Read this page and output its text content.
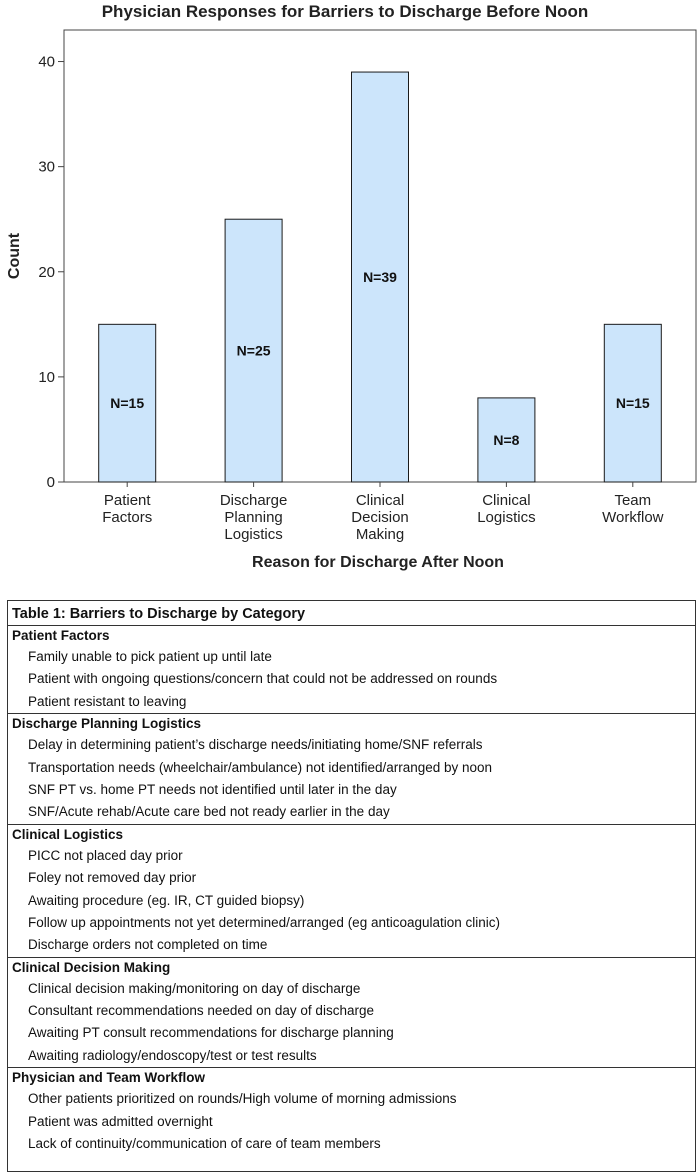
Physician Responses for Barriers to Discharge Before Noon
0
10
20
30
40
N=15
Patient Factors
N=25
Discharge Planning Logistics
N=39
Clinical Decision Making
N=8
Clinical Logistics
N=15
Team Workflow
Reason for Discharge After Noon
Count
Table 1: Barriers to Discharge by Category
Patient Factors
Family unable to pick patient up until late
Patient with ongoing questions/concern that could not be addressed on rounds
Patient resistant to leaving
Discharge Planning Logistics
Delay in determining patient’s discharge needs/initiating home/SNF referrals
Transportation needs (wheelchair/ambulance) not identified/arranged by noon
SNF PT vs. home PT needs not identified until later in the day
SNF/Acute rehab/Acute care bed not ready earlier in the day
Clinical Logistics
PICC not placed day prior
Foley not removed day prior
Awaiting procedure (eg. IR, CT guided biopsy)
Follow up appointments not yet determined/arranged (eg anticoagulation clinic)
Discharge orders not completed on time
Clinical Decision Making
Clinical decision making/monitoring on day of discharge
Consultant recommendations needed on day of discharge
Awaiting PT consult recommendations for discharge planning
Awaiting radiology/endoscopy/test or test results
Physician and Team Workflow
Other patients prioritized on rounds/High volume of morning admissions
Patient was admitted overnight
Lack of continuity/communication of care of team members
